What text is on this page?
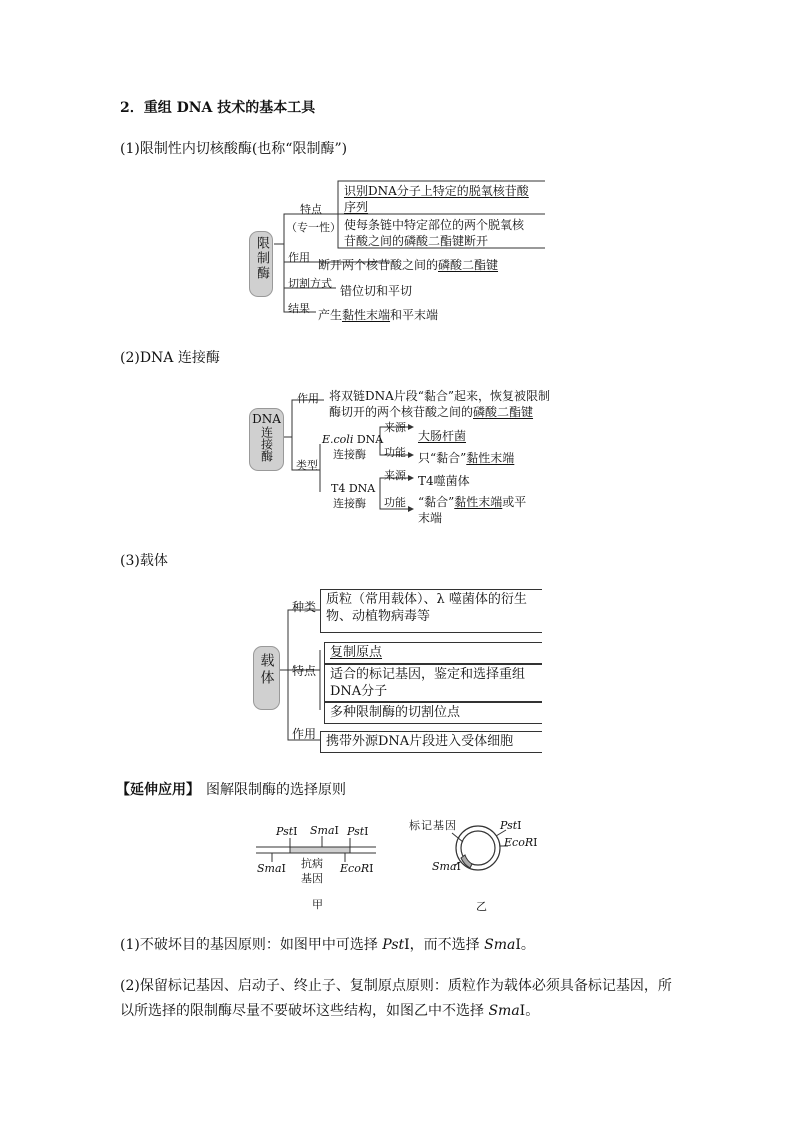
2．重组 DNA 技术的基本工具
(1)限制性内切核酸酶(也称“限制酶”)
限制酶
特点
（专一性）
识别DNA分子上特定的脱氧核苷酸
序列
使每条链中特定部位的两个脱氧核
苷酸之间的磷酸二酯键断开
作用
断开两个核苷酸之间的磷酸二酯键
切割方式
错位切和平切
结果 产生黏性末端和平末端
(2)DNA 连接酶
DNA
连接酶
作用 将双链DNA片段“黏合”起来，恢复被限制
酶切开的两个核苷酸之间的磷酸二酯键
类型
E.coli DNA
连接酶
来源
大肠杆菌
功能 只“黏合”黏性末端
T4 DNA
连接酶
来源 T4噬菌体
功能 “黏合”黏性末端或平
末端
(3)载体
载体
种类 质粒（常用载体）、λ 噬菌体的衍生
物、动植物病毒等
特点
复制原点
适合的标记基因，鉴定和选择重组
DNA分子
多种限制酶的切割位点
作用 携带外源DNA片段进入受体细胞
【延伸应用】 图解限制酶的选择原则
PstⅠ SmaⅠ PstⅠ
SmaⅠ 抗病
基因
EcoRⅠ
甲
标记基因	PstⅠ
EcoRⅠ
SmaⅠ
乙
(1)不破坏目的基因原则：如图甲中可选择 PstⅠ，而不选择 SmaⅠ。
(2)保留标记基因、启动子、终止子、复制原点原则：质粒作为载体必须具备标记基因，所
以所选择的限制酶尽量不要破坏这些结构，如图乙中不选择 SmaⅠ。
